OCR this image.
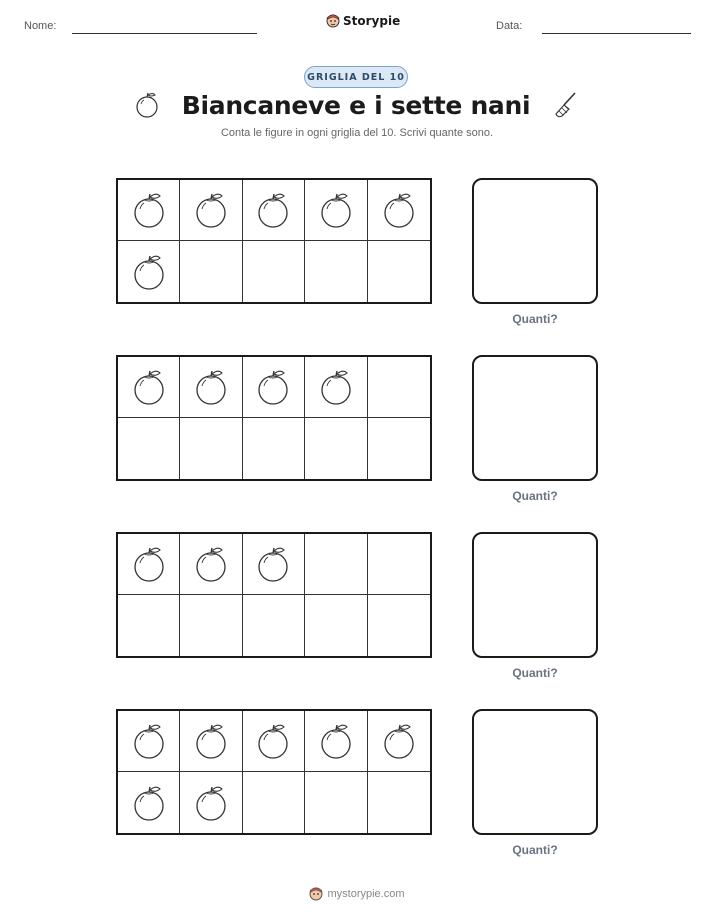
Nome:	Storypie	Data:
GRIGLIA DEL 10
Biancaneve e i sette nani
Conta le figure in ogni griglia del 10. Scrivi quante sono.
Quanti?
Quanti?
Quanti?
Quanti?
mystorypie.com
